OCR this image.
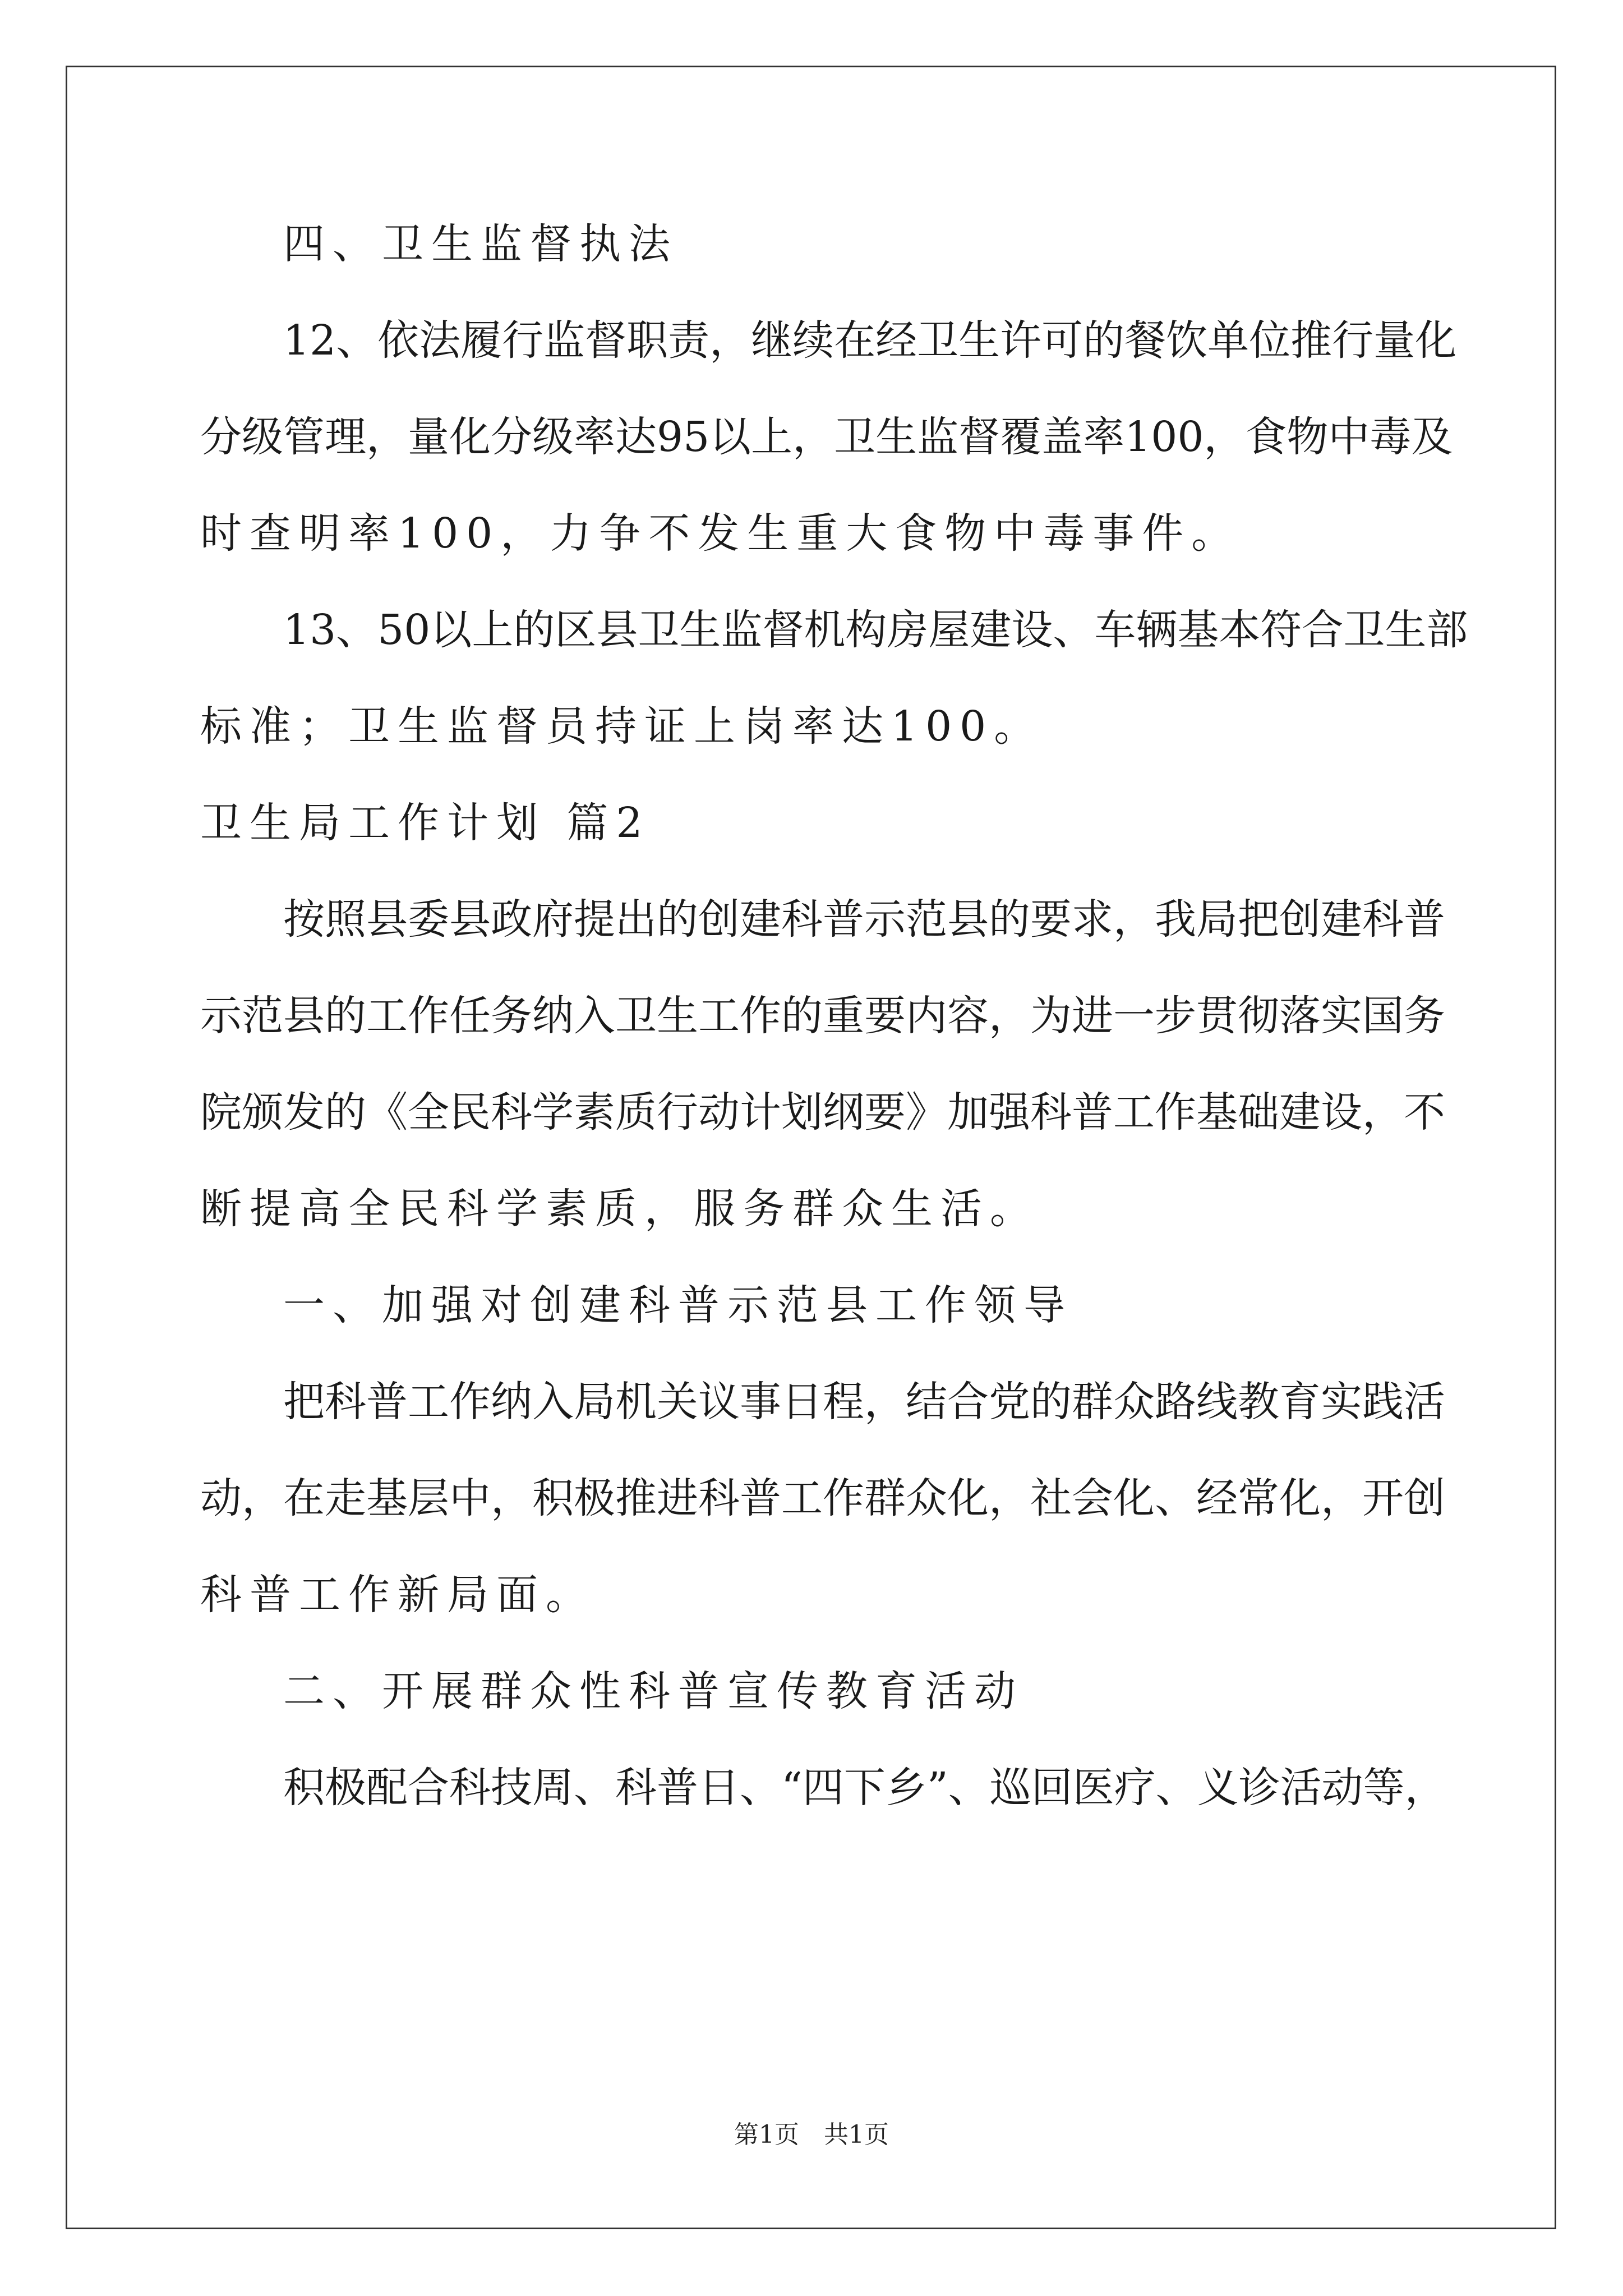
四、卫生监督执法
12、依法履行监督职责，继续在经卫生许可的餐饮单位推行量化
分级管理，量化分级率达95以上，卫生监督覆盖率100，食物中毒及
时查明率100，力争不发生重大食物中毒事件。
13、50以上的区县卫生监督机构房屋建设、车辆基本符合卫生部
标准；卫生监督员持证上岗率达100。
卫生局工作计划 篇2
按照县委县政府提出的创建科普示范县的要求，我局把创建科普
示范县的工作任务纳入卫生工作的重要内容，为进一步贯彻落实国务
院颁发的《全民科学素质行动计划纲要》加强科普工作基础建设，不
断提高全民科学素质，服务群众生活。
一、加强对创建科普示范县工作领导
把科普工作纳入局机关议事日程，结合党的群众路线教育实践活
动，在走基层中，积极推进科普工作群众化，社会化、经常化，开创
科普工作新局面。
二、开展群众性科普宣传教育活动
积极配合科技周、科普日、“四下乡”、巡回医疗、义诊活动等，
第1页　共1页
